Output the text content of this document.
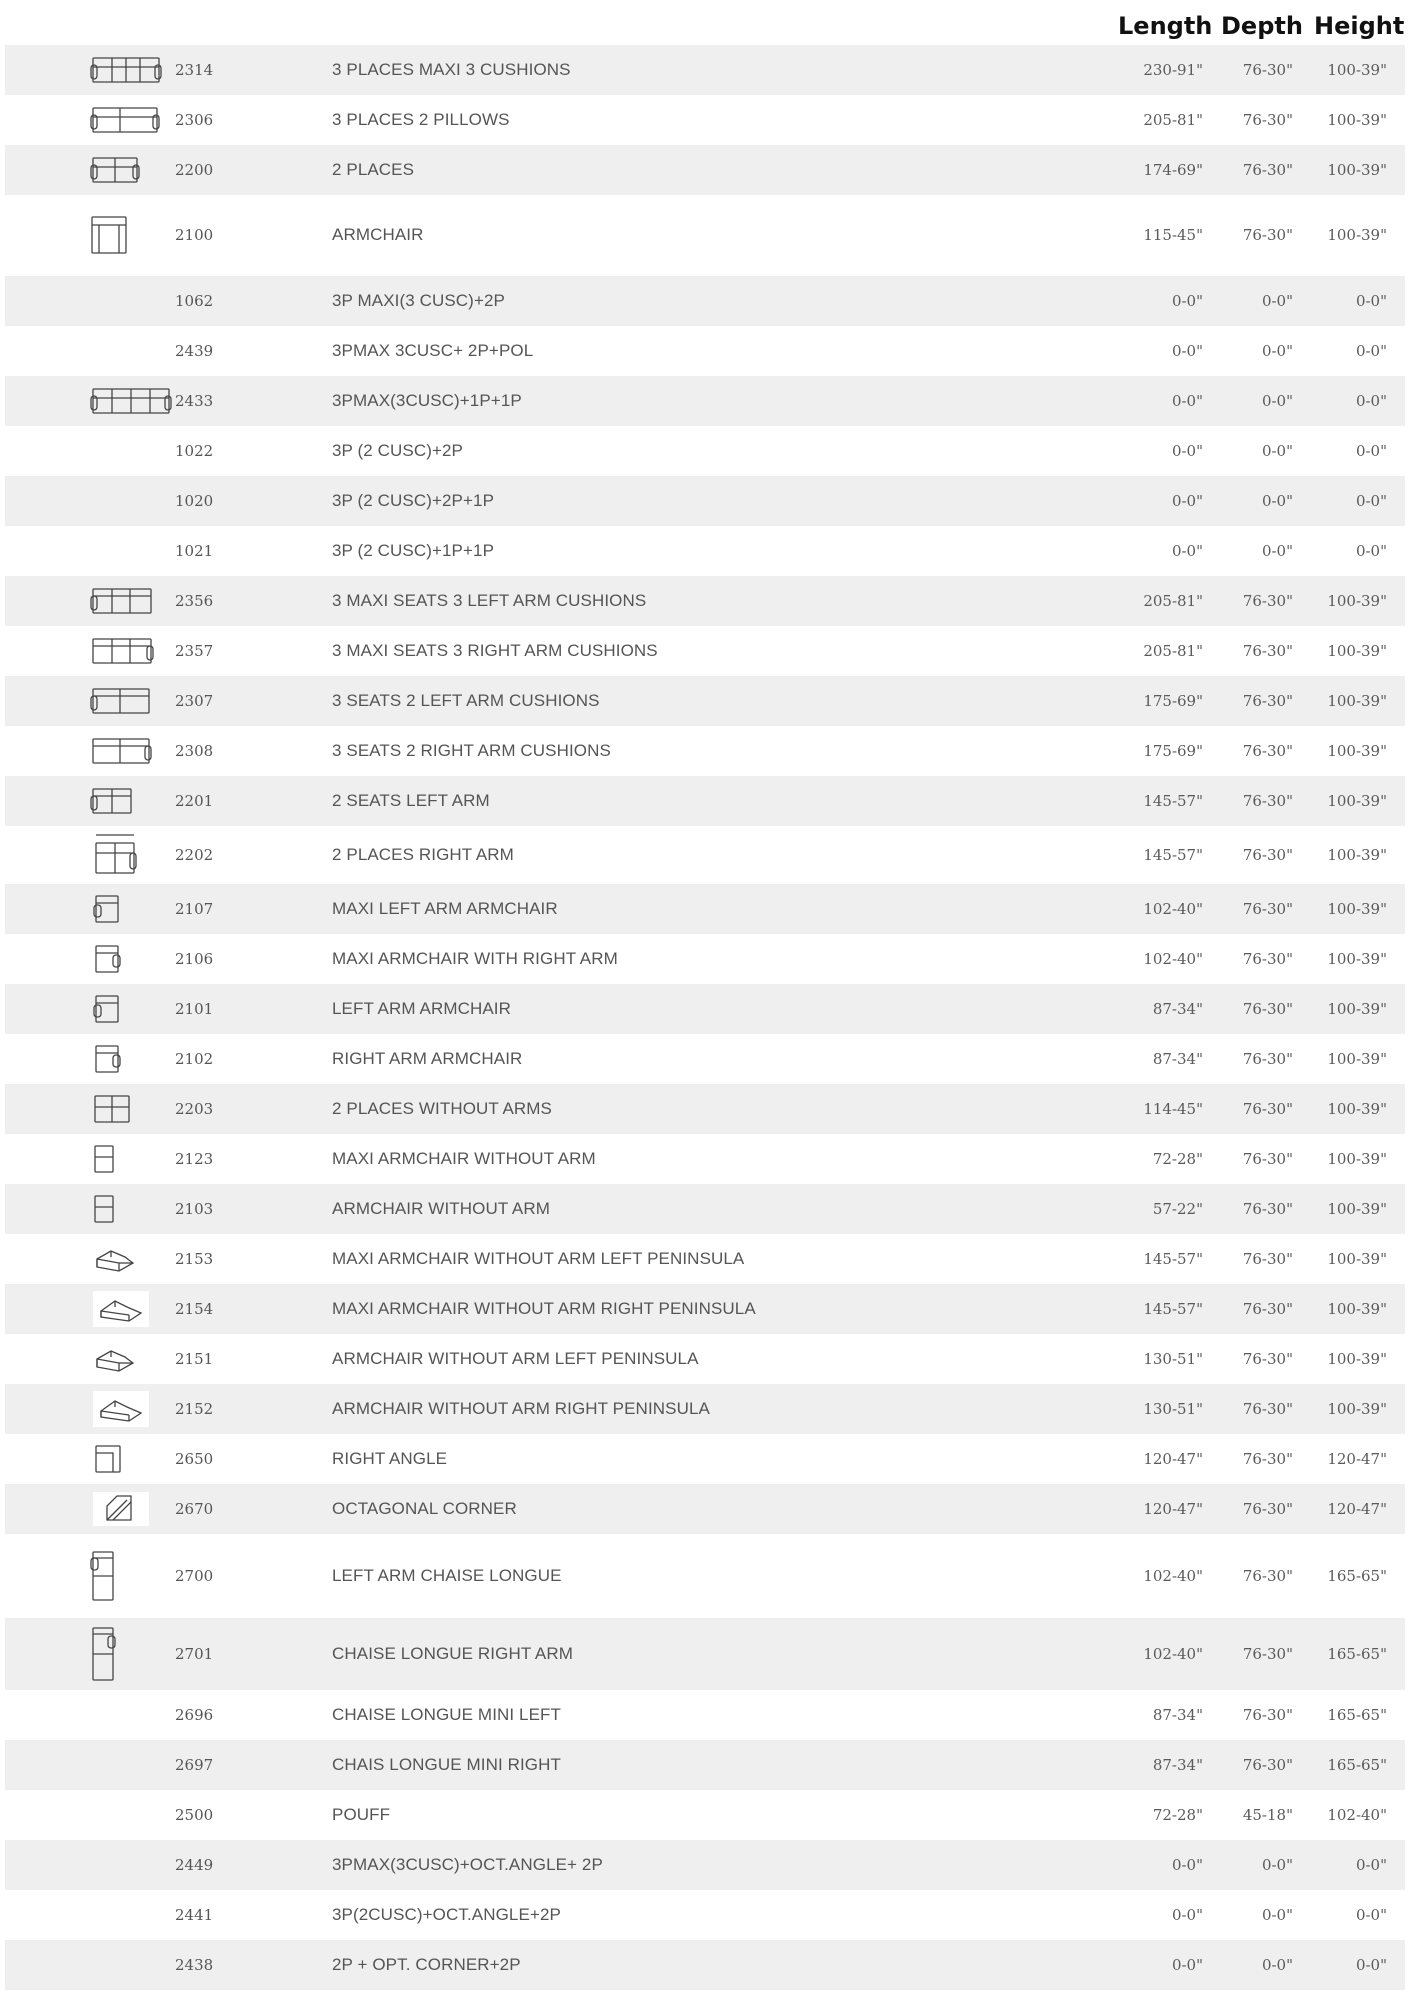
Length Depth Height
2314	3 PLACES MAXI 3 CUSHIONS	230-91"	76-30" 100-39"
2306	3 PLACES 2 PILLOWS	205-81"	76-30" 100-39"
2200	2 PLACES	174-69"	76-30" 100-39"
2100	ARMCHAIR	115-45"	76-30" 100-39"
1062	3P MAXI(3 CUSC)+2P	0-0"	0-0"	0-0"
2439	3PMAX 3CUSC+ 2P+POL	0-0"	0-0"	0-0"
2433	3PMAX(3CUSC)+1P+1P	0-0"	0-0"	0-0"
1022	3P (2 CUSC)+2P	0-0"	0-0"	0-0"
1020	3P (2 CUSC)+2P+1P	0-0"	0-0"	0-0"
1021	3P (2 CUSC)+1P+1P	0-0"	0-0"	0-0"
2356	3 MAXI SEATS 3 LEFT ARM CUSHIONS	205-81"	76-30" 100-39"
2357	3 MAXI SEATS 3 RIGHT ARM CUSHIONS	205-81"	76-30" 100-39"
2307	3 SEATS 2 LEFT ARM CUSHIONS	175-69"	76-30" 100-39"
2308	3 SEATS 2 RIGHT ARM CUSHIONS	175-69"	76-30" 100-39"
2201	2 SEATS LEFT ARM	145-57"	76-30" 100-39"
2202	2 PLACES RIGHT ARM	145-57"	76-30" 100-39"
2107	MAXI LEFT ARM ARMCHAIR	102-40"	76-30" 100-39"
2106	MAXI ARMCHAIR WITH RIGHT ARM	102-40"	76-30" 100-39"
2101	LEFT ARM ARMCHAIR	87-34"	76-30" 100-39"
2102	RIGHT ARM ARMCHAIR	87-34"	76-30" 100-39"
2203	2 PLACES WITHOUT ARMS	114-45"	76-30" 100-39"
2123	MAXI ARMCHAIR WITHOUT ARM	72-28"	76-30" 100-39"
2103	ARMCHAIR WITHOUT ARM	57-22"	76-30" 100-39"
2153	MAXI ARMCHAIR WITHOUT ARM LEFT PENINSULA	145-57"	76-30" 100-39"
2154	MAXI ARMCHAIR WITHOUT ARM RIGHT PENINSULA	145-57"	76-30" 100-39"
2151	ARMCHAIR WITHOUT ARM LEFT PENINSULA	130-51"	76-30" 100-39"
2152	ARMCHAIR WITHOUT ARM RIGHT PENINSULA	130-51"	76-30" 100-39"
2650	RIGHT ANGLE	120-47"	76-30" 120-47"
2670	OCTAGONAL CORNER	120-47"	76-30" 120-47"
2700	LEFT ARM CHAISE LONGUE	102-40"	76-30" 165-65"
2701	CHAISE LONGUE RIGHT ARM	102-40"	76-30" 165-65"
2696	CHAISE LONGUE MINI LEFT	87-34"	76-30" 165-65"
2697	CHAIS LONGUE MINI RIGHT	87-34"	76-30" 165-65"
2500	POUFF	72-28"	45-18" 102-40"
2449	3PMAX(3CUSC)+OCT.ANGLE+ 2P	0-0"	0-0"	0-0"
2441	3P(2CUSC)+OCT.ANGLE+2P	0-0"	0-0"	0-0"
2438	2P + OPT. CORNER+2P	0-0"	0-0"	0-0"
